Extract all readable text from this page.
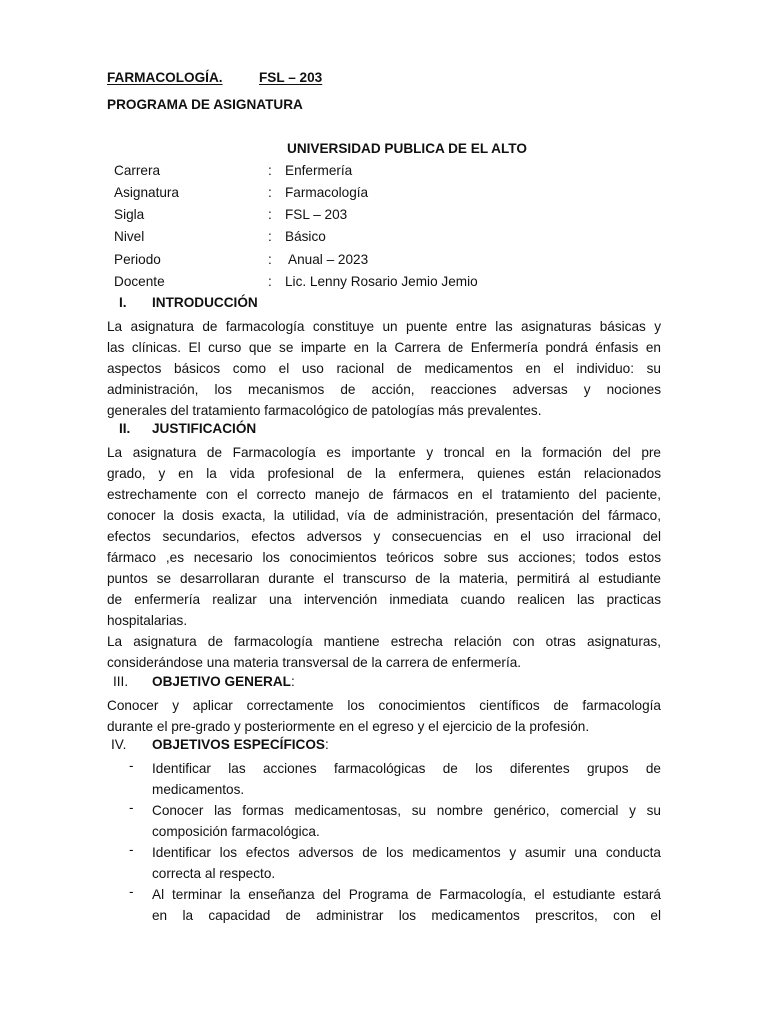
FARMACOLOGÍA.	FSL – 203
PROGRAMA DE ASIGNATURA
UNIVERSIDAD PUBLICA DE EL ALTO
Carrera	: Enfermería
Asignatura	: Farmacología
Sigla	: FSL – 203
Nivel	: Básico
Periodo	: Anual – 2023
Docente	: Lic. Lenny Rosario Jemio Jemio
I. INTRODUCCIÓN
La asignatura de farmacología constituye un puente entre las asignaturas básicas y
las clínicas. El curso que se imparte en la Carrera de Enfermería pondrá énfasis en
aspectos básicos como el uso racional de medicamentos en el individuo: su
administración, los mecanismos de acción, reacciones adversas y nociones
generales del tratamiento farmacológico de patologías más prevalentes.
II. JUSTIFICACIÓN
La asignatura de Farmacología es importante y troncal en la formación del pre
grado, y en la vida profesional de la enfermera, quienes están relacionados
estrechamente con el correcto manejo de fármacos en el tratamiento del paciente,
conocer la dosis exacta, la utilidad, vía de administración, presentación del fármaco,
efectos secundarios, efectos adversos y consecuencias en el uso irracional del
fármaco ,es necesario los conocimientos teóricos sobre sus acciones; todos estos
puntos se desarrollaran durante el transcurso de la materia, permitirá al estudiante
de enfermería realizar una intervención inmediata cuando realicen las practicas
hospitalarias.
La asignatura de farmacología mantiene estrecha relación con otras asignaturas,
considerándose una materia transversal de la carrera de enfermería.
III. OBJETIVO GENERAL:
Conocer y aplicar correctamente los conocimientos científicos de farmacología
durante el pre-grado y posteriormente en el egreso y el ejercicio de la profesión.
IV. OBJETIVOS ESPECÍFICOS:
- Identificar las acciones farmacológicas de los diferentes grupos de
medicamentos.
- Conocer las formas medicamentosas, su nombre genérico, comercial y su
composición farmacológica.
- Identificar los efectos adversos de los medicamentos y asumir una conducta
correcta al respecto.
- Al terminar la enseñanza del Programa de Farmacología, el estudiante estará
en la capacidad de administrar los medicamentos prescritos, con el
